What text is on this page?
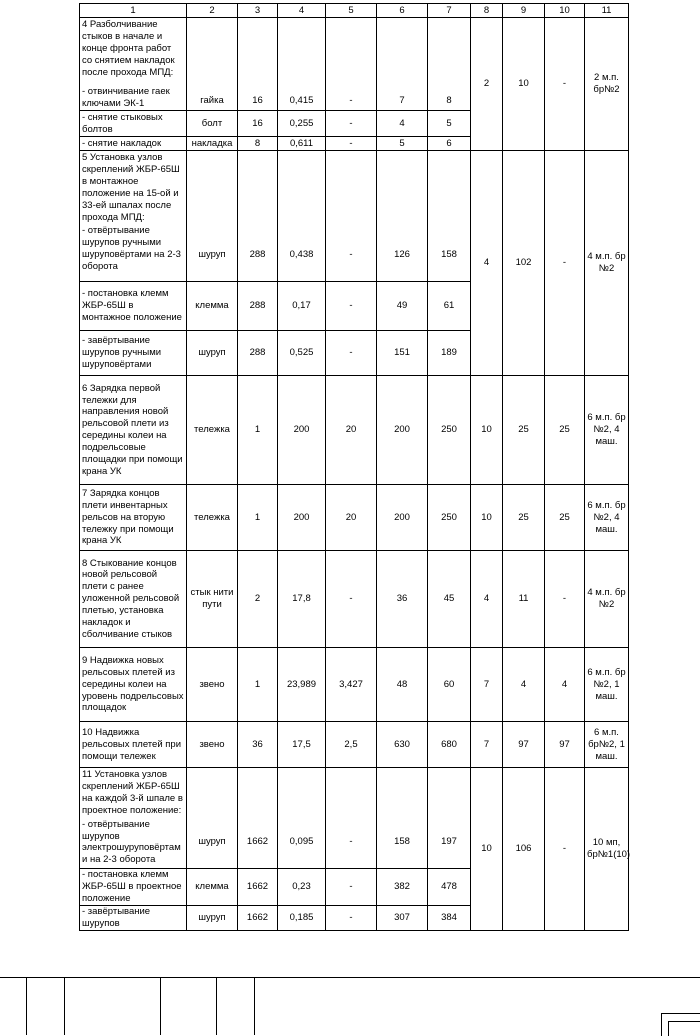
1	2	3	4	5	6	7	8	9	10	11

4 Разболчивание стыков в начале и конце фронта работ со снятием накладок после прохода МПД:
- отвинчивание гаек ключами ЭК-1	гайка	16	0,415	-	7	8	2	10	-	2 м.п. бр№2
- снятие стыковых болтов	болт	16	0,255	-	4	5				
- снятие накладок	накладка	8	0,611	-	5	6				

5 Установка узлов скреплений ЖБР-65Ш в монтажное положение на 15-ой и 33-ей шпалах после прохода МПД:
- отвёртывание шурупов ручными шуруповёртами на 2-3 оборота	шуруп	288	0,438	-	126	158	4	102	-	4 м.п. бр №2
- постановка клемм ЖБР-65Ш в монтажное положение	клемма	288	0,17	-	49	61				
- завёртывание шурупов ручными шуруповёртами	шуруп	288	0,525	-	151	189				
6 Зарядка первой тележки для направления новой рельсовой плети из середины колеи на подрельсовые площадки при помощи крана УК	тележка	1	200	20	200	250	10	25	25	6 м.п. бр №2, 4 маш.
7 Зарядка концов плети инвентарных рельсов на вторую тележку при помощи крана УК	тележка	1	200	20	200	250	10	25	25	6 м.п. бр №2, 4 маш.
8 Стыкование концов новой рельсовой плети с ранее уложенной рельсовой плетью, установка накладок и сболчивание стыков	стык нити пути	2	17,8	-	36	45	4	11	-	4 м.п. бр №2
9 Надвижка новых рельсовых плетей из середины колеи на уровень подрельсовых площадок	звено	1	23,989	3,427	48	60	7	4	4	6 м.п. бр №2, 1 маш.
10 Надвижка рельсовых плетей при помощи тележек	звено	36	17,5	2,5	630	680	7	97	97	6 м.п. бр№2, 1 маш.

11 Установка узлов скреплений ЖБР-65Ш на каждой 3-й шпале в проектное положение:
- отвёртывание шурупов электрошуруповёртам и на 2-3 оборота	шуруп	1662	0,095	-	158	197	10	106	-	10 мп, бр№1(10)
- постановка клемм ЖБР-65Ш в проектное положение	клемма	1662	0,23	-	382	478				
- завёртывание шурупов	шуруп	1662	0,185	-	307	384				
